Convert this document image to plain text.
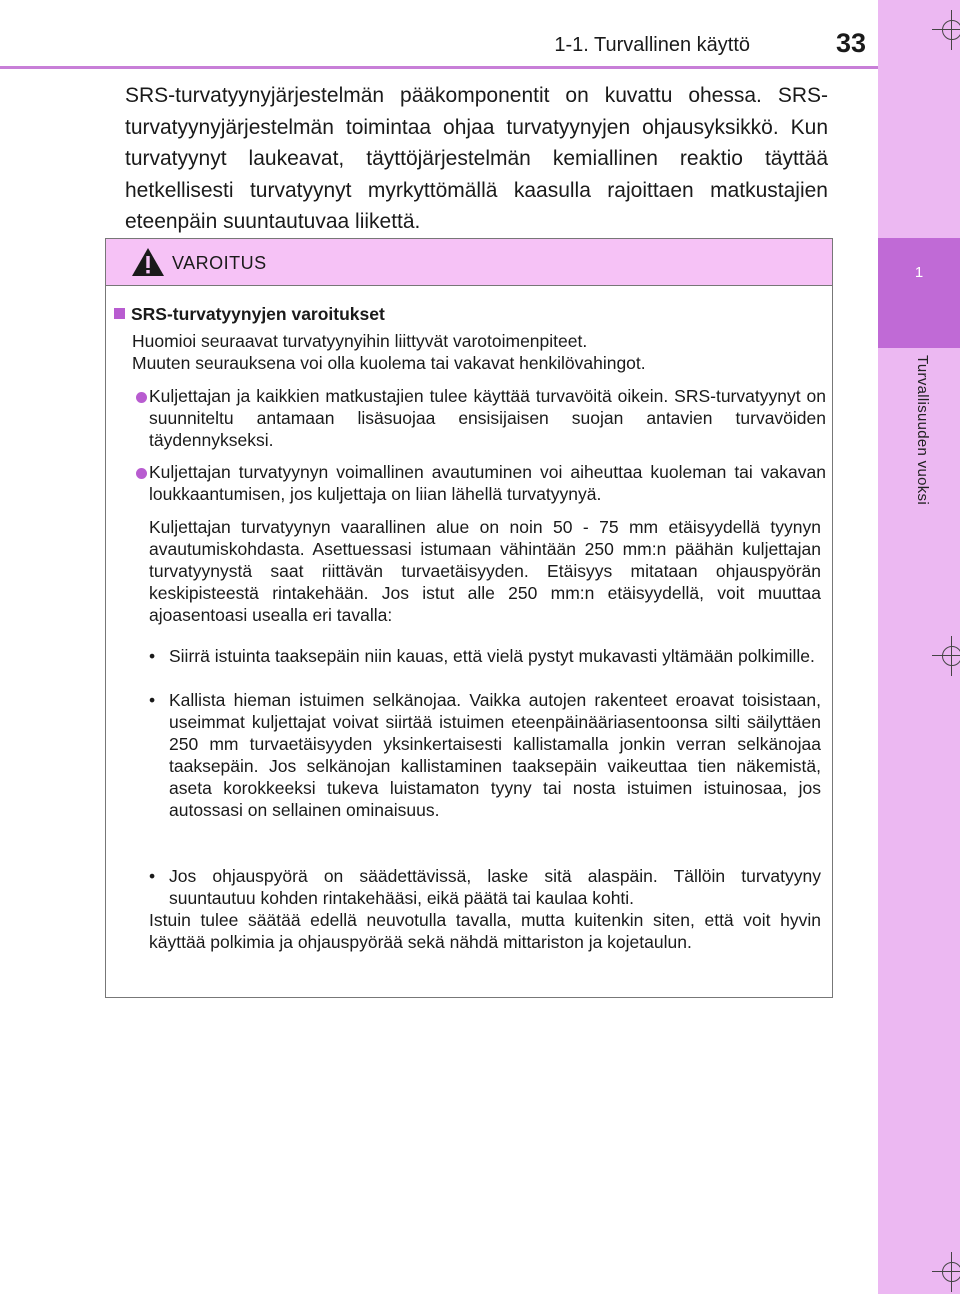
1
Turvallisuuden vuoksi
1-1. Turvallinen käyttö	33

SRS-turvatyynyjärjestelmän pääkomponentit on kuvattu ohessa. SRS-turvatyynyjärjestelmän toimintaa ohjaa turvatyynyjen ohjausyksikkö. Kun turvatyynyt laukeavat, täyttöjärjestelmän kemiallinen reaktio täyttää hetkellisesti turvatyynyt myrkyttömällä kaasulla rajoittaen matkustajien eteenpäin suuntautuvaa liikettä.

VAROITUS
SRS-turvatyynyjen varoitukset

Huomioi seuraavat turvatyynyihin liittyvät varotoimenpiteet.

Muuten seurauksena voi olla kuolema tai vakavat henkilövahingot.

Kuljettajan ja kaikkien matkustajien tulee käyttää turvavöitä oikein. SRS-turvatyynyt on suunniteltu antamaan lisäsuojaa ensisijaisen suojan antavien turvavöiden täydennykseksi.

Kuljettajan turvatyynyn voimallinen avautuminen voi aiheuttaa kuoleman tai vakavan loukkaantumisen, jos kuljettaja on liian lähellä turvatyynyä.

Kuljettajan turvatyynyn vaarallinen alue on noin 50 - 75 mm etäisyydellä tyynyn avautumiskohdasta. Asettuessasi istumaan vähintään 250 mm:n päähän kuljettajan turvatyynystä saat riittävän turvaetäisyyden. Etäisyys mitataan ohjauspyörän keskipisteestä rintakehään. Jos istut alle 250 mm:n etäisyydellä, voit muuttaa ajoasentoasi usealla eri tavalla:

• Siirrä istuinta taaksepäin niin kauas, että vielä pystyt mukavasti yltämään polkimille.

• Kallista hieman istuimen selkänojaa. Vaikka autojen rakenteet eroavat toisistaan, useimmat kuljettajat voivat siirtää istuimen eteenpäinääriasentoonsa silti säilyttäen 250 mm turvaetäisyyden yksinkertaisesti kallistamalla jonkin verran selkänojaa taaksepäin. Jos selkänojan kallistaminen taaksepäin vaikeuttaa tien näkemistä, aseta korokkeeksi tukeva luistamaton tyyny tai nosta istuimen istuinosaa, jos autossasi on sellainen ominaisuus.

• Jos ohjauspyörä on säädettävissä, laske sitä alaspäin. Tällöin turvatyyny suuntautuu kohden rintakehääsi, eikä päätä tai kaulaa kohti.

Istuin tulee säätää edellä neuvotulla tavalla, mutta kuitenkin siten, että voit hyvin käyttää polkimia ja ohjauspyörää sekä nähdä mittariston ja kojetaulun.
